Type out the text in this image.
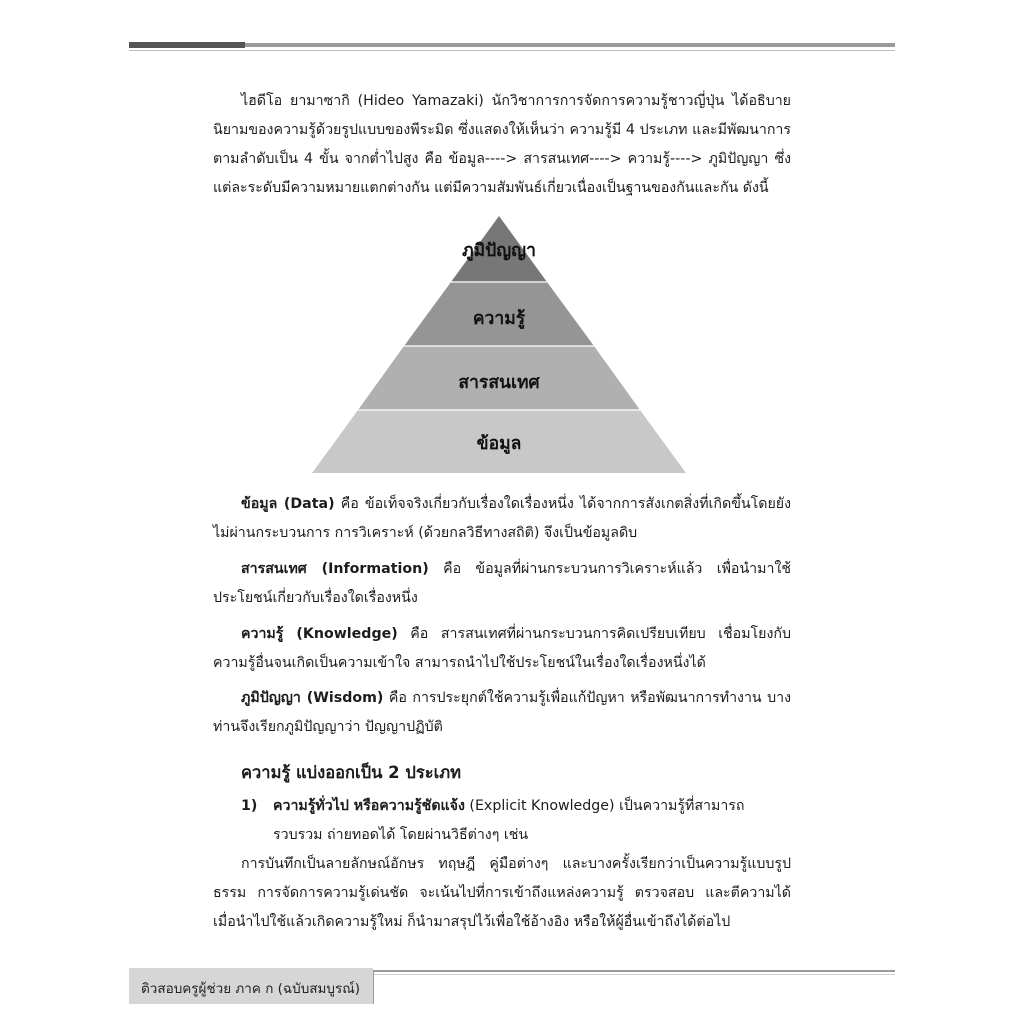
ไฮดีโอ ยามาซากิ (Hideo Yamazaki) นักวิชาการการจัดการความรู้ชาวญี่ปุ่น ได้อธิบายนิยามของความรู้ด้วยรูปแบบของพีระมิด ซึ่งแสดงให้เห็นว่า ความรู้มี 4 ประเภท และมีพัฒนาการตามลำดับเป็น 4 ขั้น จากต่ำไปสูง คือ ข้อมูล----> สารสนเทศ----> ความรู้----> ภูมิปัญญา ซึ่งแต่ละระดับมีความหมายแตกต่างกัน แต่มีความสัมพันธ์เกี่ยวเนื่องเป็นฐานของกันและกัน ดังนี้

ภูมิปัญญา
ความรู้
สารสนเทศ
ข้อมูล

ข้อมูล (Data) คือ ข้อเท็จจริงเกี่ยวกับเรื่องใดเรื่องหนึ่ง ได้จากการสังเกตสิ่งที่เกิดขึ้นโดยยังไม่ผ่านกระบวนการ การวิเคราะห์ (ด้วยกลวิธีทางสถิติ) จึงเป็นข้อมูลดิบ

สารสนเทศ (Information) คือ ข้อมูลที่ผ่านกระบวนการวิเคราะห์แล้ว เพื่อนำมาใช้ประโยชน์เกี่ยวกับเรื่องใดเรื่องหนึ่ง

ความรู้ (Knowledge) คือ สารสนเทศที่ผ่านกระบวนการคิดเปรียบเทียบ เชื่อมโยงกับความรู้อื่นจนเกิดเป็นความเข้าใจ สามารถนำไปใช้ประโยชน์ในเรื่องใดเรื่องหนึ่งได้

ภูมิปัญญา (Wisdom) คือ การประยุกต์ใช้ความรู้เพื่อแก้ปัญหา หรือพัฒนาการทำงาน บางท่านจึงเรียกภูมิปัญญาว่า ปัญญาปฏิบัติ

ความรู้ แบ่งออกเป็น 2 ประเภท
1) ความรู้ทั่วไป หรือความรู้ชัดแจ้ง (Explicit Knowledge) เป็นความรู้ที่สามารถรวบรวม ถ่ายทอดได้ โดยผ่านวิธีต่างๆ เช่น

การบันทึกเป็นลายลักษณ์อักษร ทฤษฎี คู่มือต่างๆ และบางครั้งเรียกว่าเป็นความรู้แบบรูปธรรม การจัดการความรู้เด่นชัด จะเน้นไปที่การเข้าถึงแหล่งความรู้ ตรวจสอบ และตีความได้ เมื่อนำไปใช้แล้วเกิดความรู้ใหม่ ก็นำมาสรุปไว้เพื่อใช้อ้างอิง หรือให้ผู้อื่นเข้าถึงได้ต่อไป

ติวสอบครูผู้ช่วย ภาค ก (ฉบับสมบูรณ์)
